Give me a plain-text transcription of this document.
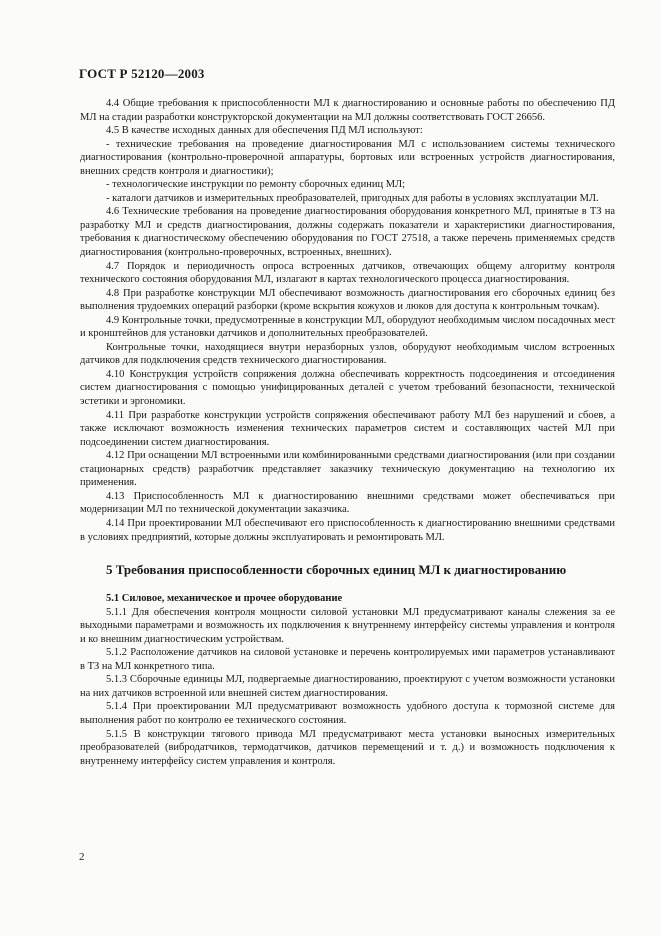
ГОСТ Р 52120—2003

4.4 Общие требования к приспособленности МЛ к диагностированию и основные работы по обеспечению ПД МЛ на стадии разработки конструкторской документации на МЛ должны соответствовать ГОСТ 26656.

4.5 В качестве исходных данных для обеспечения ПД МЛ используют:

- технические требования на проведение диагностирования МЛ с использованием системы технического диагностирования (контрольно-проверочной аппаратуры, бортовых или встроенных устройств диагностирования, внешних средств контроля и диагностики);

- технологические инструкции по ремонту сборочных единиц МЛ;

- каталоги датчиков и измерительных преобразователей, пригодных для работы в условиях эксплуатации МЛ.

4.6 Технические требования на проведение диагностирования оборудования конкретного МЛ, принятые в ТЗ на разработку МЛ и средств диагностирования, должны содержать показатели и характеристики диагностирования, требования к диагностическому обеспечению оборудования по ГОСТ 27518, а также перечень применяемых средств диагностирования (контрольно-проверочных, встроенных, внешних).

4.7 Порядок и периодичность опроса встроенных датчиков, отвечающих общему алгоритму контроля технического состояния оборудования МЛ, излагают в картах технологического процесса диагностирования.

4.8 При разработке конструкции МЛ обеспечивают возможность диагностирования его сборочных единиц без выполнения трудоемких операций разборки (кроме вскрытия кожухов и люков для доступа к контрольным точкам).

4.9 Контрольные точки, предусмотренные в конструкции МЛ, оборудуют необходимым числом посадочных мест и кронштейнов для установки датчиков и дополнительных преобразователей.

Контрольные точки, находящиеся внутри неразборных узлов, оборудуют необходимым числом встроенных датчиков для подключения средств технического диагностирования.

4.10 Конструкция устройств сопряжения должна обеспечивать корректность подсоединения и отсоединения систем диагностирования с помощью унифицированных деталей с учетом требований безопасности, технической эстетики и эргономики.

4.11 При разработке конструкции устройств сопряжения обеспечивают работу МЛ без нарушений и сбоев, а также исключают возможность изменения технических параметров систем и составляющих частей МЛ при подсоединении систем диагностирования.

4.12 При оснащении МЛ встроенными или комбинированными средствами диагностирования (или при создании стационарных средств) разработчик представляет заказчику техническую документацию на технологию их применения.

4.13 Приспособленность МЛ к диагностированию внешними средствами может обеспечиваться при модернизации МЛ по технической документации заказчика.

4.14 При проектировании МЛ обеспечивают его приспособленность к диагностированию внешними средствами в условиях предприятий, которые должны эксплуатировать и ремонтировать МЛ.

5 Требования приспособленности сборочных единиц МЛ к диагностированию

5.1 Силовое, механическое и прочее оборудование

5.1.1 Для обеспечения контроля мощности силовой установки МЛ предусматривают каналы слежения за ее выходными параметрами и возможность их подключения к внутреннему интерфейсу системы управления и контроля и ко внешним диагностическим устройствам.

5.1.2 Расположение датчиков на силовой установке и перечень контролируемых ими параметров устанавливают в ТЗ на МЛ конкретного типа.

5.1.3 Сборочные единицы МЛ, подвергаемые диагностированию, проектируют с учетом возможности установки на них датчиков встроенной или внешней систем диагностирования.

5.1.4 При проектировании МЛ предусматривают возможность удобного доступа к тормозной системе для выполнения работ по контролю ее технического состояния.

5.1.5 В конструкции тягового привода МЛ предусматривают места установки выносных измерительных преобразователей (вибродатчиков, термодатчиков, датчиков перемещений и т. д.) и возможность подключения к внутреннему интерфейсу систем управления и контроля.

2
